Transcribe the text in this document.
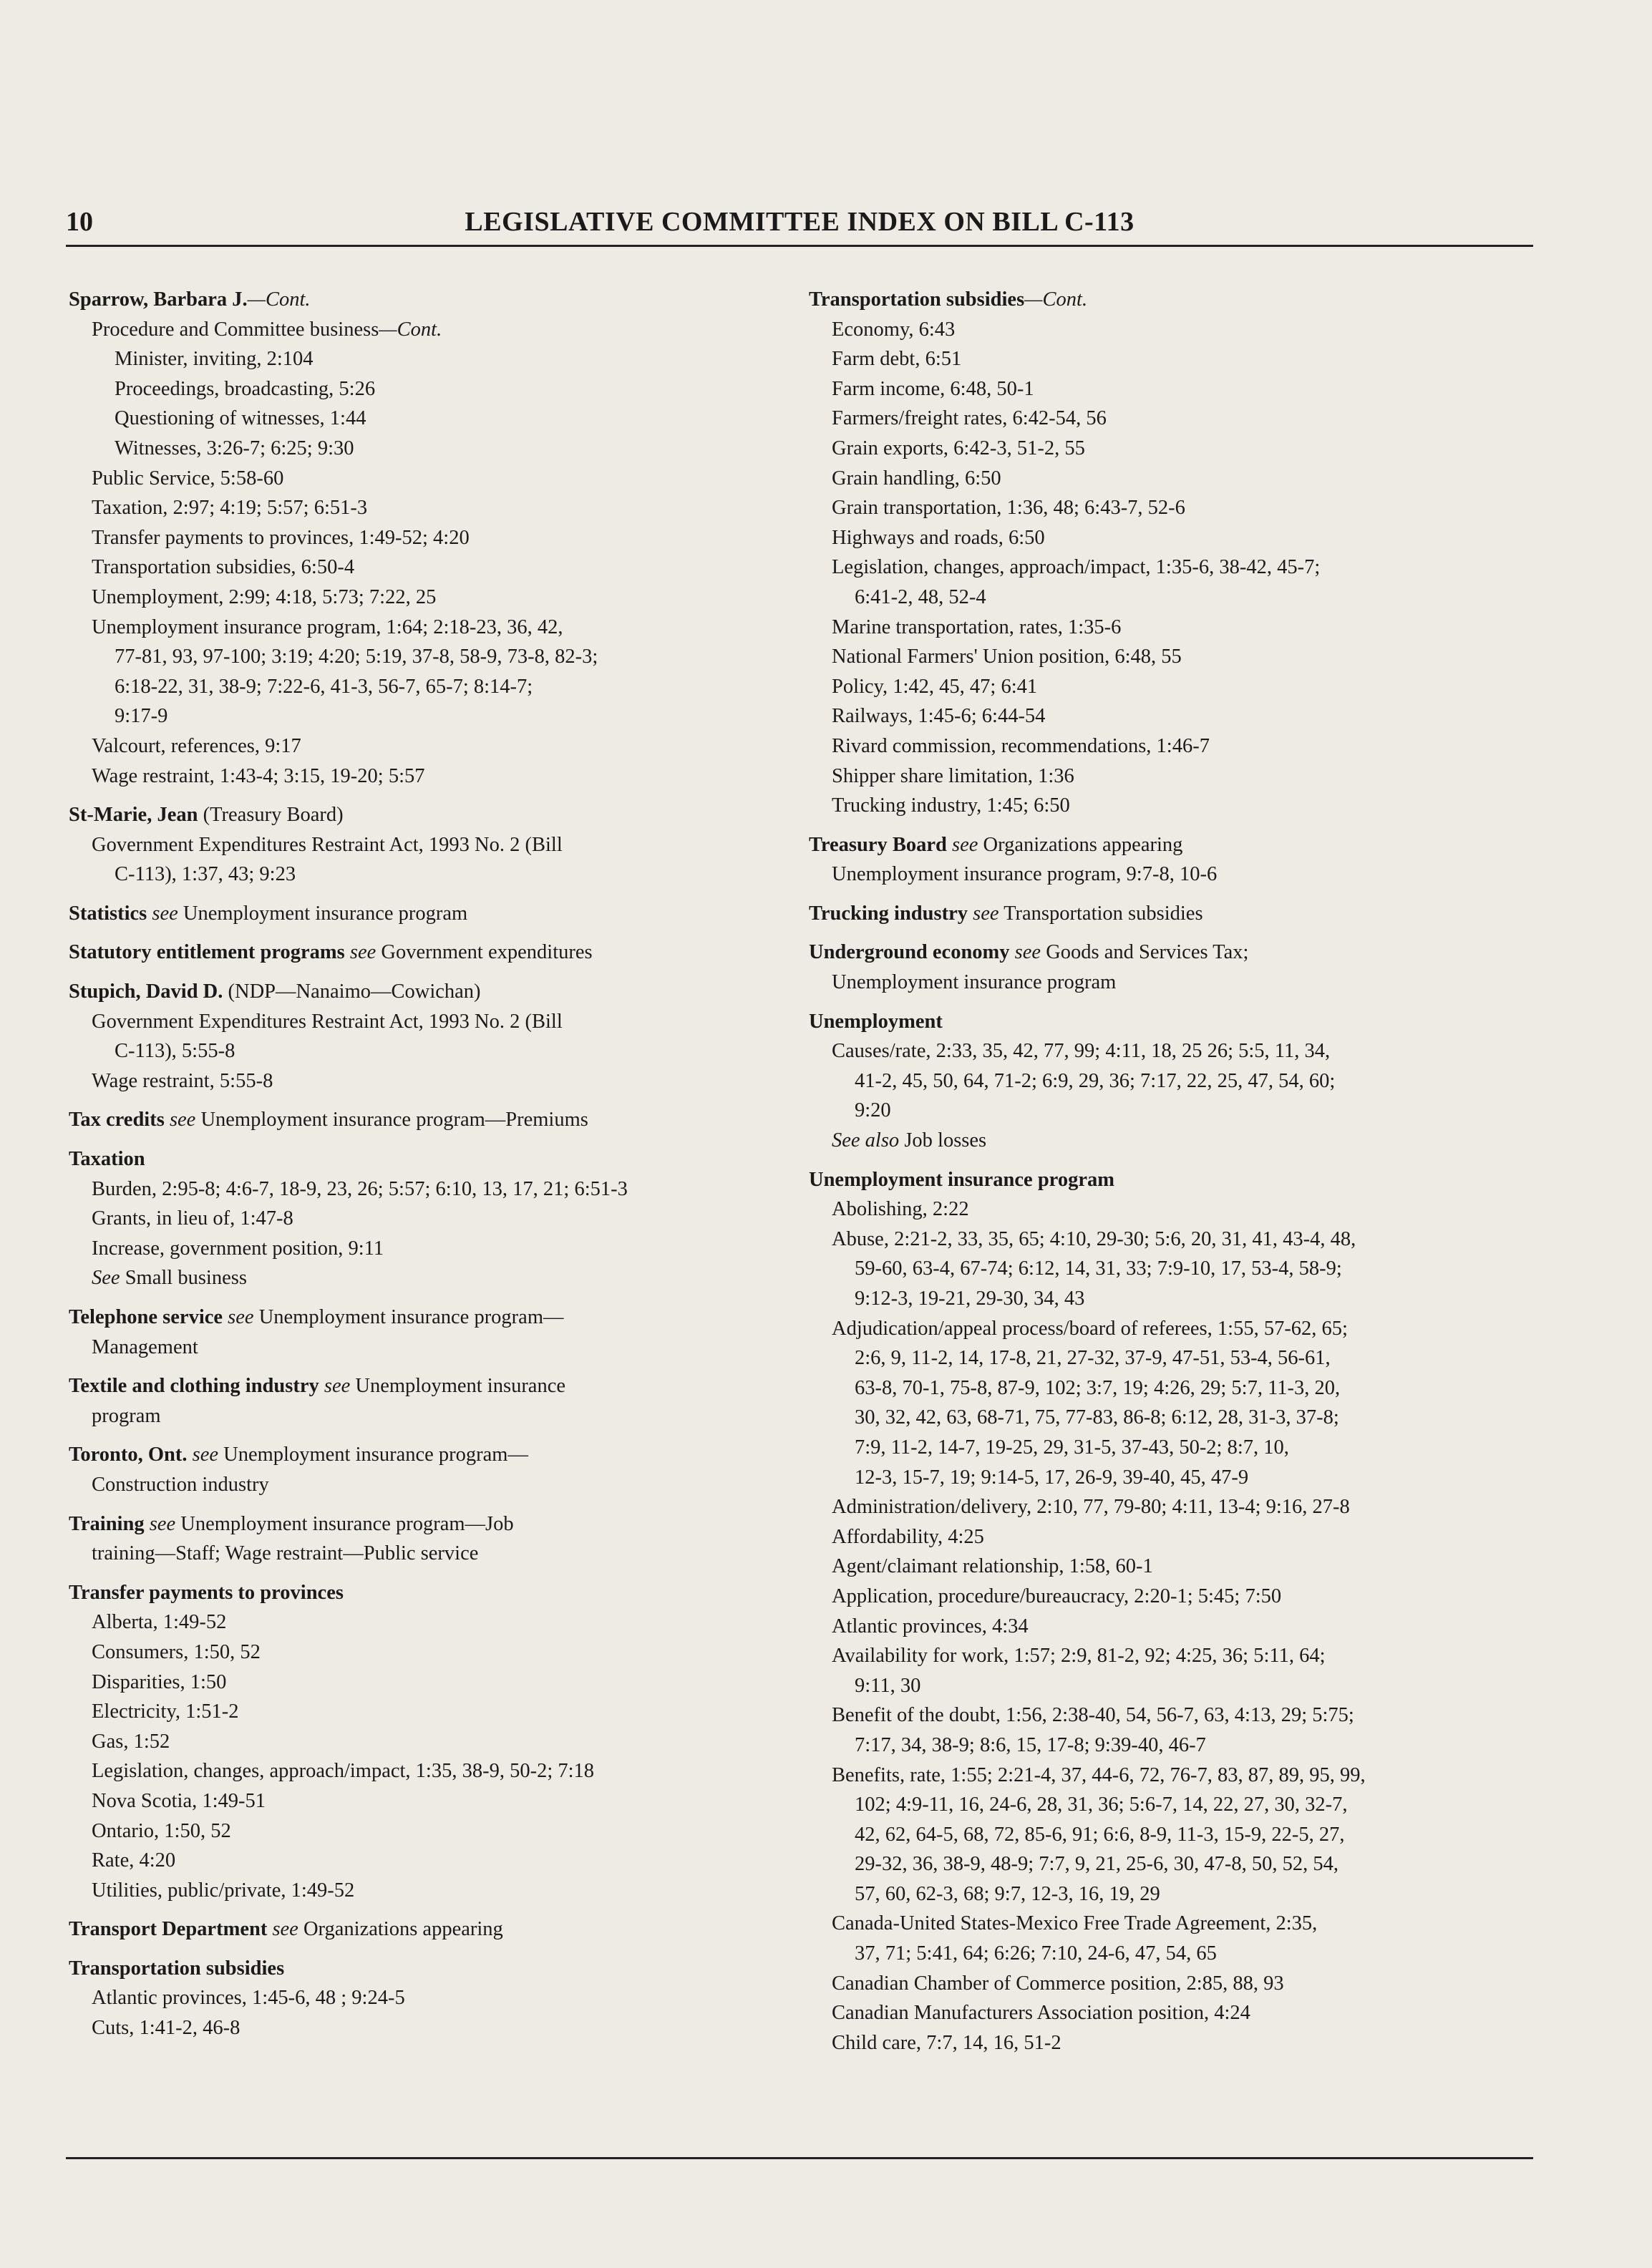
10	LEGISLATIVE COMMITTEE INDEX ON BILL C-113
Sparrow, Barbara J.—Cont.
Procedure and Committee business—Cont.
Minister, inviting, 2:104
Proceedings, broadcasting, 5:26
Questioning of witnesses, 1:44
Witnesses, 3:26-7; 6:25; 9:30
Public Service, 5:58-60
Taxation, 2:97; 4:19; 5:57; 6:51-3
Transfer payments to provinces, 1:49-52; 4:20
Transportation subsidies, 6:50-4
Unemployment, 2:99; 4:18, 5:73; 7:22, 25
Unemployment insurance program, 1:64; 2:18-23, 36, 42,
77-81, 93, 97-100; 3:19; 4:20; 5:19, 37-8, 58-9, 73-8, 82-3;
6:18-22, 31, 38-9; 7:22-6, 41-3, 56-7, 65-7; 8:14-7;
9:17-9
Valcourt, references, 9:17
Wage restraint, 1:43-4; 3:15, 19-20; 5:57
St-Marie, Jean (Treasury Board)
Government Expenditures Restraint Act, 1993 No. 2 (Bill
C-113), 1:37, 43; 9:23
Statistics see Unemployment insurance program
Statutory entitlement programs see Government expenditures
Stupich, David D. (NDP—Nanaimo—Cowichan)
Government Expenditures Restraint Act, 1993 No. 2 (Bill
C-113), 5:55-8
Wage restraint, 5:55-8
Tax credits see Unemployment insurance program—Premiums
Taxation
Burden, 2:95-8; 4:6-7, 18-9, 23, 26; 5:57; 6:10, 13, 17, 21; 6:51-3
Grants, in lieu of, 1:47-8
Increase, government position, 9:11
See Small business
Telephone service see Unemployment insurance program—
Management
Textile and clothing industry see Unemployment insurance
program
Toronto, Ont. see Unemployment insurance program—
Construction industry
Training see Unemployment insurance program—Job
training—Staff; Wage restraint—Public service
Transfer payments to provinces
Alberta, 1:49-52
Consumers, 1:50, 52
Disparities, 1:50
Electricity, 1:51-2
Gas, 1:52
Legislation, changes, approach/impact, 1:35, 38-9, 50-2; 7:18
Nova Scotia, 1:49-51
Ontario, 1:50, 52
Rate, 4:20
Utilities, public/private, 1:49-52
Transport Department see Organizations appearing
Transportation subsidies
Atlantic provinces, 1:45-6, 48 ; 9:24-5
Cuts, 1:41-2, 46-8
Transportation subsidies—Cont.
Economy, 6:43
Farm debt, 6:51
Farm income, 6:48, 50-1
Farmers/freight rates, 6:42-54, 56
Grain exports, 6:42-3, 51-2, 55
Grain handling, 6:50
Grain transportation, 1:36, 48; 6:43-7, 52-6
Highways and roads, 6:50
Legislation, changes, approach/impact, 1:35-6, 38-42, 45-7;
6:41-2, 48, 52-4
Marine transportation, rates, 1:35-6
National Farmers' Union position, 6:48, 55
Policy, 1:42, 45, 47; 6:41
Railways, 1:45-6; 6:44-54
Rivard commission, recommendations, 1:46-7
Shipper share limitation, 1:36
Trucking industry, 1:45; 6:50
Treasury Board see Organizations appearing
Unemployment insurance program, 9:7-8, 10-6
Trucking industry see Transportation subsidies
Underground economy see Goods and Services Tax;
Unemployment insurance program
Unemployment
Causes/rate, 2:33, 35, 42, 77, 99; 4:11, 18, 25 26; 5:5, 11, 34,
41-2, 45, 50, 64, 71-2; 6:9, 29, 36; 7:17, 22, 25, 47, 54, 60;
9:20
See also Job losses
Unemployment insurance program
Abolishing, 2:22
Abuse, 2:21-2, 33, 35, 65; 4:10, 29-30; 5:6, 20, 31, 41, 43-4, 48,
59-60, 63-4, 67-74; 6:12, 14, 31, 33; 7:9-10, 17, 53-4, 58-9;
9:12-3, 19-21, 29-30, 34, 43
Adjudication/appeal process/board of referees, 1:55, 57-62, 65;
2:6, 9, 11-2, 14, 17-8, 21, 27-32, 37-9, 47-51, 53-4, 56-61,
63-8, 70-1, 75-8, 87-9, 102; 3:7, 19; 4:26, 29; 5:7, 11-3, 20,
30, 32, 42, 63, 68-71, 75, 77-83, 86-8; 6:12, 28, 31-3, 37-8;
7:9, 11-2, 14-7, 19-25, 29, 31-5, 37-43, 50-2; 8:7, 10,
12-3, 15-7, 19; 9:14-5, 17, 26-9, 39-40, 45, 47-9
Administration/delivery, 2:10, 77, 79-80; 4:11, 13-4; 9:16, 27-8
Affordability, 4:25
Agent/claimant relationship, 1:58, 60-1
Application, procedure/bureaucracy, 2:20-1; 5:45; 7:50
Atlantic provinces, 4:34
Availability for work, 1:57; 2:9, 81-2, 92; 4:25, 36; 5:11, 64;
9:11, 30
Benefit of the doubt, 1:56, 2:38-40, 54, 56-7, 63, 4:13, 29; 5:75;
7:17, 34, 38-9; 8:6, 15, 17-8; 9:39-40, 46-7
Benefits, rate, 1:55; 2:21-4, 37, 44-6, 72, 76-7, 83, 87, 89, 95, 99,
102; 4:9-11, 16, 24-6, 28, 31, 36; 5:6-7, 14, 22, 27, 30, 32-7,
42, 62, 64-5, 68, 72, 85-6, 91; 6:6, 8-9, 11-3, 15-9, 22-5, 27,
29-32, 36, 38-9, 48-9; 7:7, 9, 21, 25-6, 30, 47-8, 50, 52, 54,
57, 60, 62-3, 68; 9:7, 12-3, 16, 19, 29
Canada-United States-Mexico Free Trade Agreement, 2:35,
37, 71; 5:41, 64; 6:26; 7:10, 24-6, 47, 54, 65
Canadian Chamber of Commerce position, 2:85, 88, 93
Canadian Manufacturers Association position, 4:24
Child care, 7:7, 14, 16, 51-2
